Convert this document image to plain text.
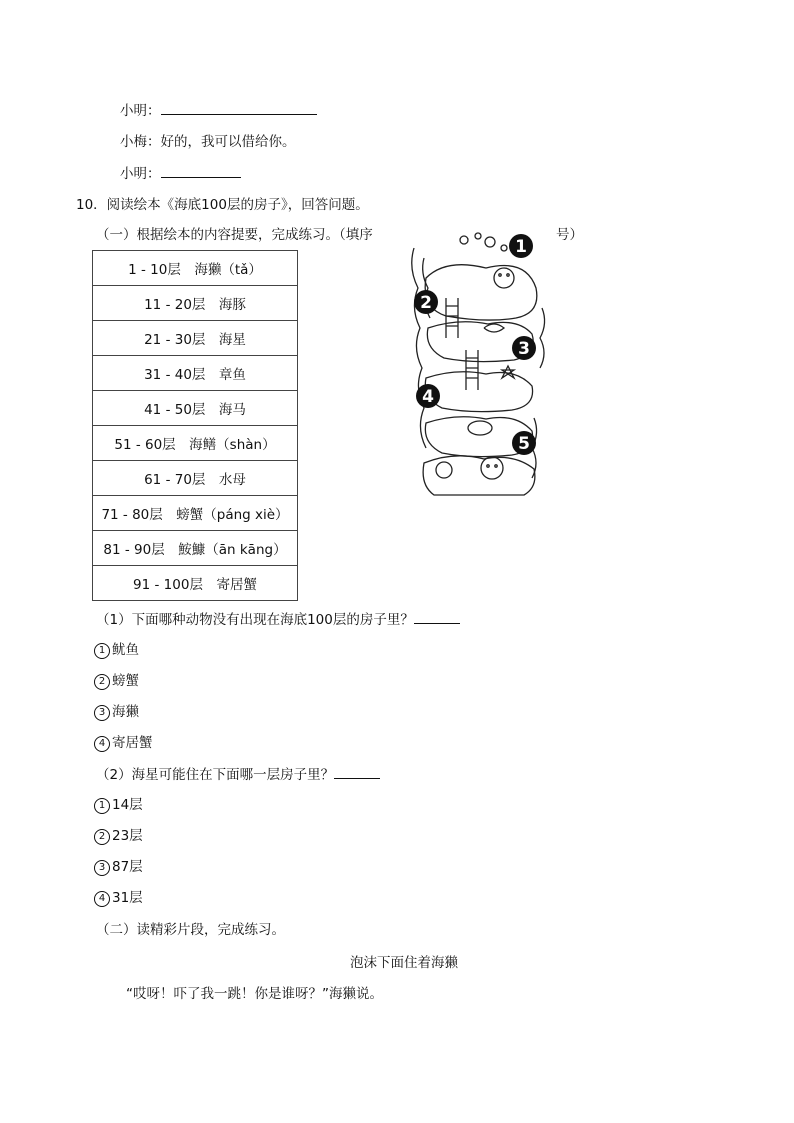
小明：
小梅：好的，我可以借给你。
小明：
10．阅读绘本《海底100层的房子》，回答问题。
（一）根据绘本的内容提要，完成练习。（填序	号）
1 - 10层　海獭（tǎ）
11 - 20层　海豚
21 - 30层　海星
31 - 40层　章鱼
41 - 50层　海马
51 - 60层　海鳝（shàn）
61 - 70层　水母
71 - 80层　螃蟹（páng xiè）
81 - 90层　鮟鱇（ān kāng）
91 - 100层　寄居蟹
1
2
3
4
5
（1）下面哪种动物没有出现在海底100层的房子里？
1 鱿鱼
2 螃蟹
3 海獭
4 寄居蟹
（2）海星可能住在下面哪一层房子里？
1 14层
2 23层
3 87层
4 31层
（二）读精彩片段，完成练习。
泡沫下面住着海獭
“哎呀！吓了我一跳！你是谁呀？”海獭说。
